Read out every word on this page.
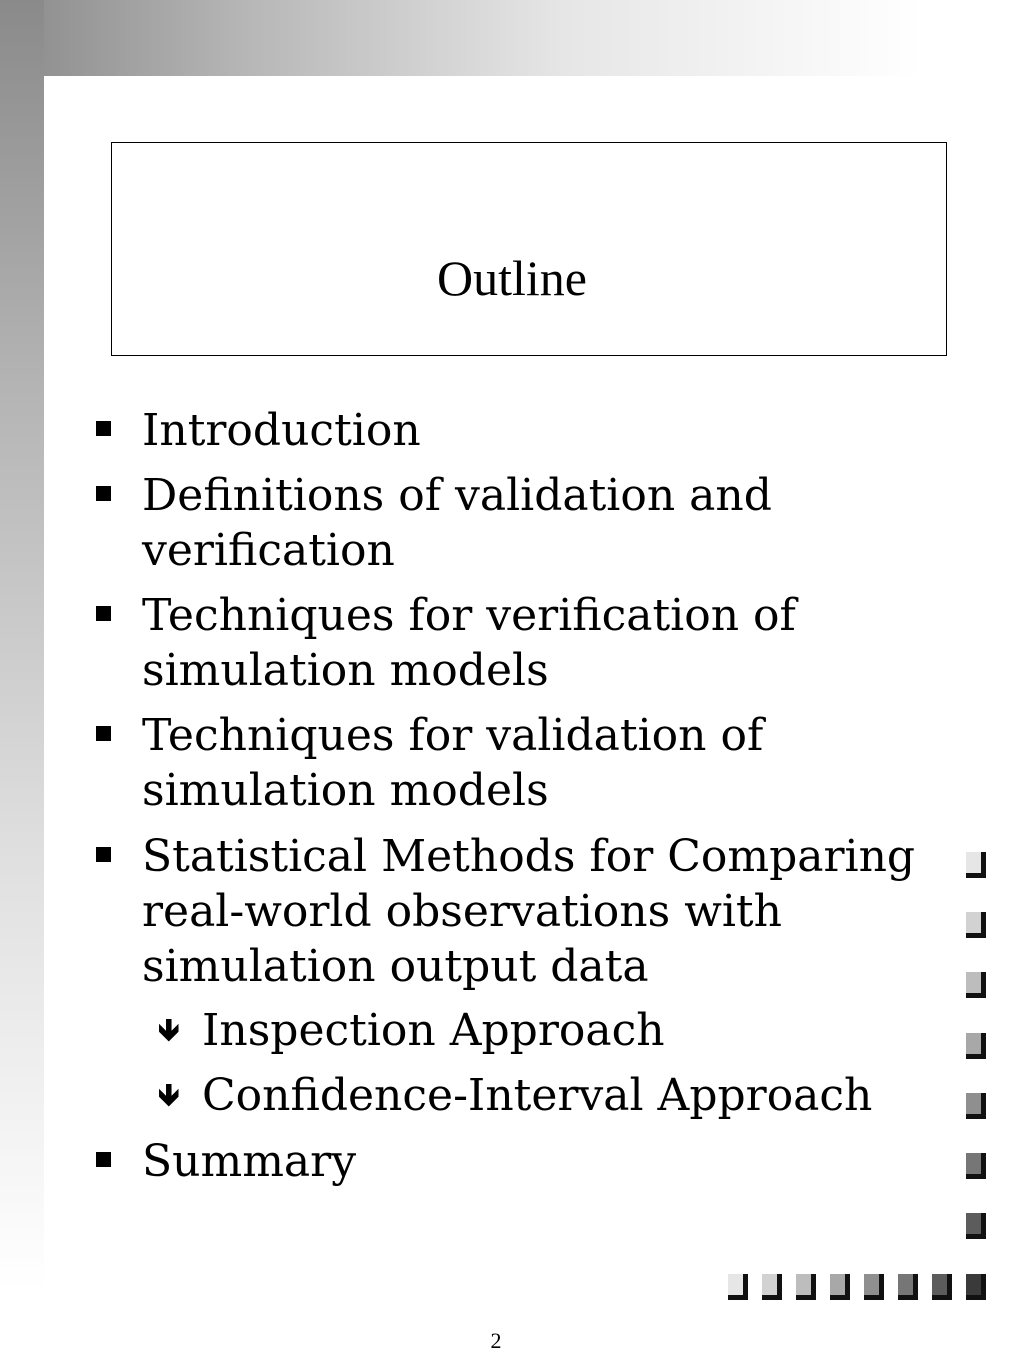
Outline
Introduction
Definitions of validation and
verification
Techniques for verification of
simulation models
Techniques for validation of
simulation models
Statistical Methods for Comparing
real-world observations with
simulation output data
🡻 Inspection Approach
🡻 Confidence-Interval Approach
Summary
2
